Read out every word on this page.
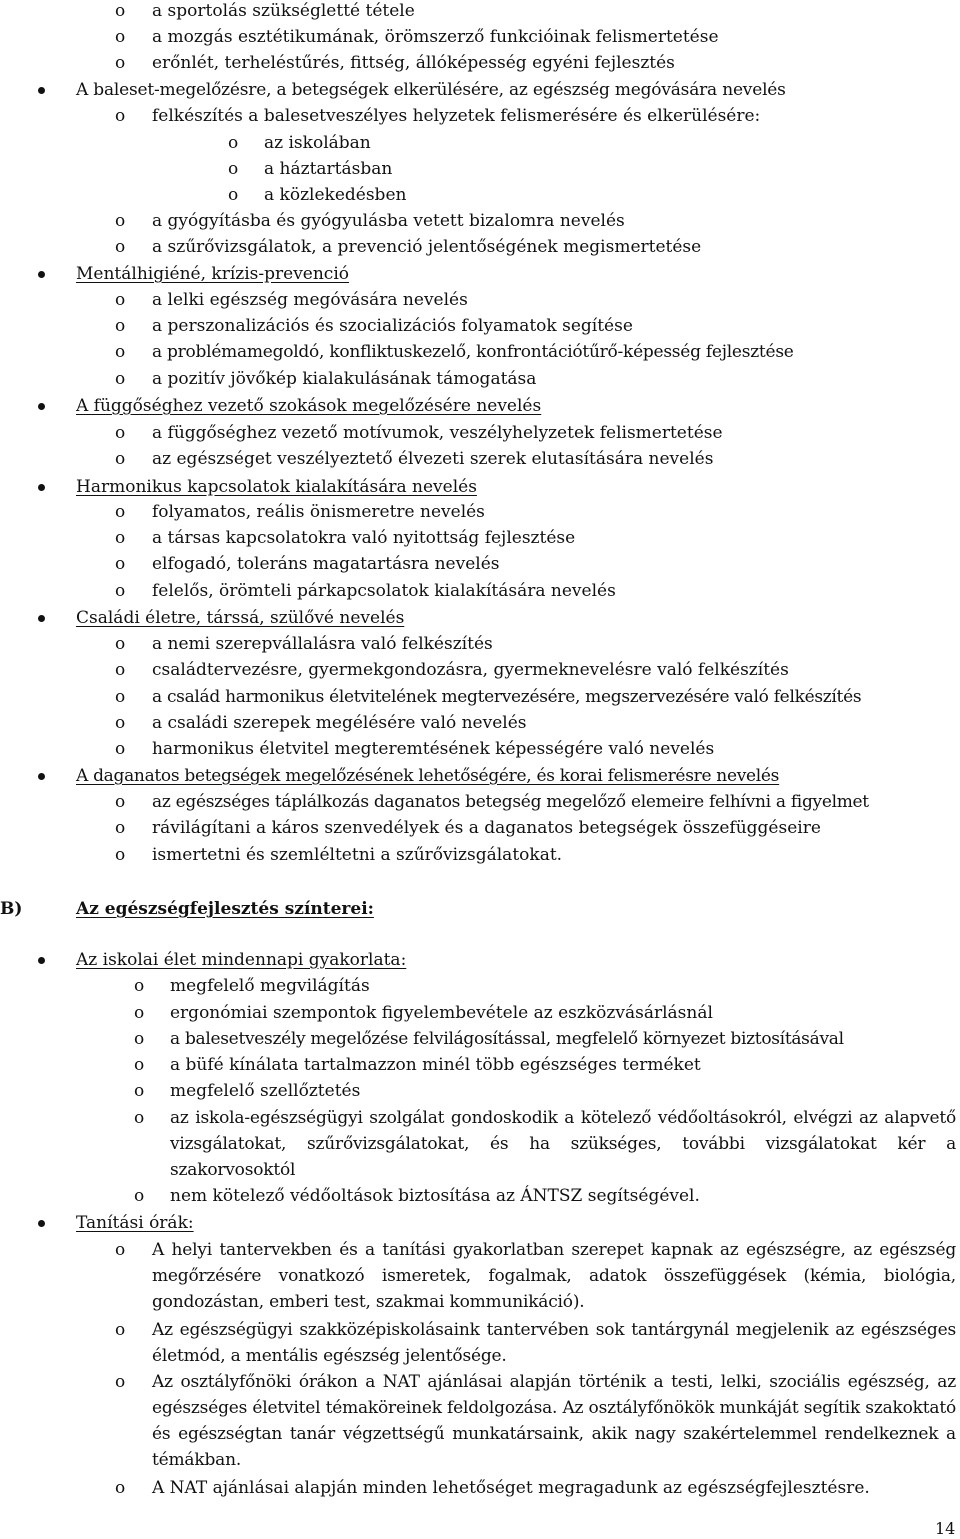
o a sportolás szükségletté tétele
o a mozgás esztétikumának, örömszerző funkcióinak felismertetése
o erőnlét, terheléstűrés, fittség, állóképesség egyéni fejlesztés
A baleset-megelőzésre, a betegségek elkerülésére, az egészség megóvására nevelés
o felkészítés a balesetveszélyes helyzetek felismerésére és elkerülésére:
o az iskolában
o a háztartásban
o a közlekedésben
o a gyógyításba és gyógyulásba vetett bizalomra nevelés
o a szűrővizsgálatok, a prevenció jelentőségének megismertetése
Mentálhigiéné, krízis-prevenció
o a lelki egészség megóvására nevelés
o a perszonalizációs és szocializációs folyamatok segítése
o a problémamegoldó, konfliktuskezelő, konfrontációtűrő-képesség fejlesztése
o a pozitív jövőkép kialakulásának támogatása
A függőséghez vezető szokások megelőzésére nevelés
o a függőséghez vezető motívumok, veszélyhelyzetek felismertetése
o az egészséget veszélyeztető élvezeti szerek elutasítására nevelés
Harmonikus kapcsolatok kialakítására nevelés
o folyamatos, reális önismeretre nevelés
o a társas kapcsolatokra való nyitottság fejlesztése
o elfogadó, toleráns magatartásra nevelés
o felelős, örömteli párkapcsolatok kialakítására nevelés
Családi életre, társsá, szülővé nevelés
o a nemi szerepvállalásra való felkészítés
o családtervezésre, gyermekgondozásra, gyermeknevelésre való felkészítés
o a család harmonikus életvitelének megtervezésére, megszervezésére való felkészítés
o a családi szerepek megélésére való nevelés
o harmonikus életvitel megteremtésének képességére való nevelés
A daganatos betegségek megelőzésének lehetőségére, és korai felismerésre nevelés
o az egészséges táplálkozás daganatos betegség megelőző elemeire felhívni a figyelmet
o rávilágítani a káros szenvedélyek és a daganatos betegségek összefüggéseire
o ismertetni és szemléltetni a szűrővizsgálatokat.
B)	Az egészségfejlesztés színterei:
Az iskolai élet mindennapi gyakorlata:
o megfelelő megvilágítás
o ergonómiai szempontok figyelembevétele az eszközvásárlásnál
o a balesetveszély megelőzése felvilágosítással, megfelelő környezet biztosításával
o a büfé kínálata tartalmazzon minél több egészséges terméket
o megfelelő szellőztetés
o az iskola-egészségügyi szolgálat gondoskodik a kötelező védőoltásokról, elvégzi az alapvető vizsgálatokat, szűrővizsgálatokat, és ha szükséges, további vizsgálatokat kér a szakorvosoktól
o nem kötelező védőoltások biztosítása az ÁNTSZ segítségével.
Tanítási órák:
o A helyi tantervekben és a tanítási gyakorlatban szerepet kapnak az egészségre, az egészség megőrzésére vonatkozó ismeretek, fogalmak, adatok összefüggések (kémia, biológia, gondozástan, emberi test, szakmai kommunikáció).
o Az egészségügyi szakközépiskolásaink tantervében sok tantárgynál megjelenik az egészséges életmód, a mentális egészség jelentősége.
o Az osztályfőnöki órákon a NAT ajánlásai alapján történik a testi, lelki, szociális egészség, az egészséges életvitel témaköreinek feldolgozása. Az osztályfőnökök munkáját segítik szakoktató és egészségtan tanár végzettségű munkatársaink, akik nagy szakértelemmel rendelkeznek a témákban.
o A NAT ajánlásai alapján minden lehetőséget megragadunk az egészségfejlesztésre.
14
